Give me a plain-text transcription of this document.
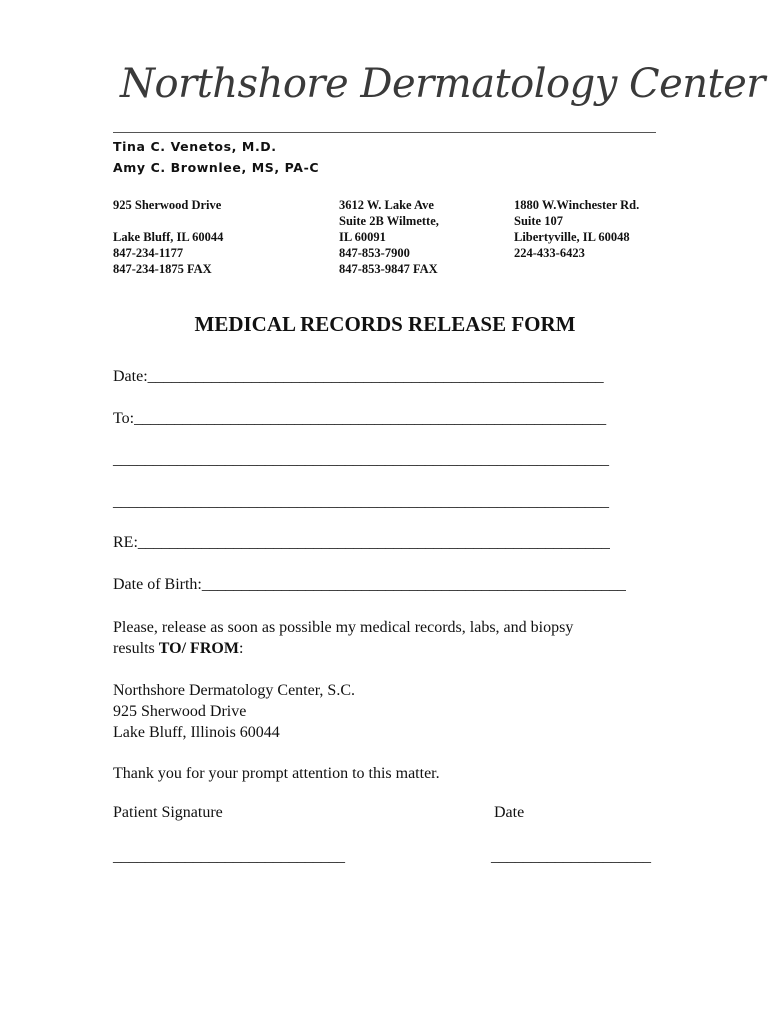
Northshore Dermatology Center
Tina C. Venetos, M.D.
Amy C. Brownlee, MS, PA-C
925 Sherwood Drive
Lake Bluff, IL 60044
847-234-1177
847-234-1875 FAX
3612 W. Lake Ave
Suite 2B Wilmette,
IL 60091
847-853-7900
847-853-9847 FAX
1880 W.Winchester Rd.
Suite 107
Libertyville, IL 60048
224-433-6423
MEDICAL RECORDS RELEASE FORM
Date:_________________________________________________________
To:___________________________________________________________
______________________________________________________________
______________________________________________________________
RE:___________________________________________________________
Date of Birth:_____________________________________________________
Please, release as soon as possible my medical records, labs, and biopsy
results TO/ FROM:
Northshore Dermatology Center, S.C.
925 Sherwood Drive
Lake Bluff, Illinois 60044
Thank you for your prompt attention to this matter.
Patient Signature	Date
_____________________________	____________________
